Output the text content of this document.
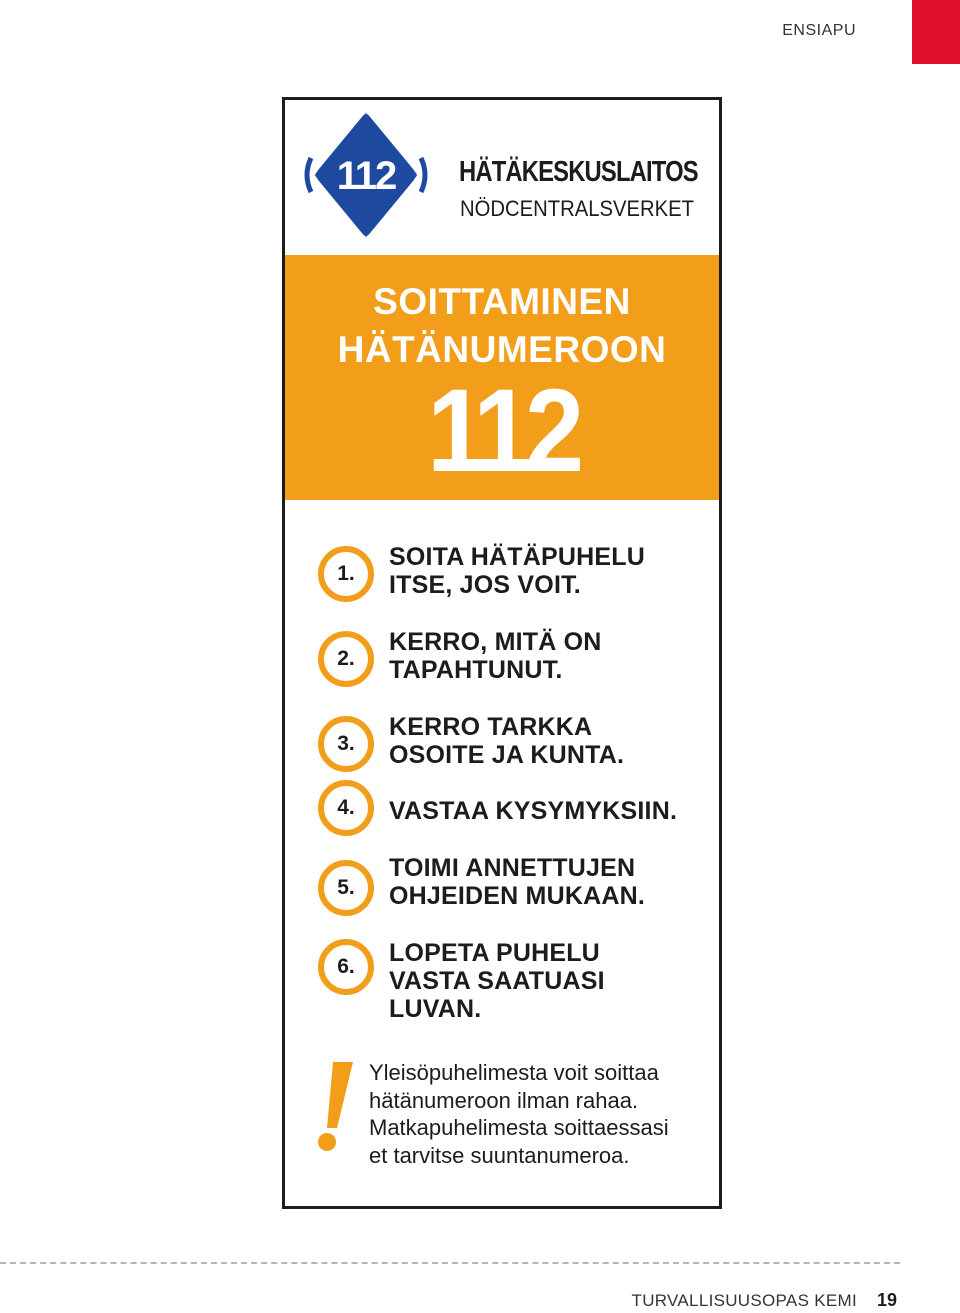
ENSIAPU
112 HÄTÄKESKUSLAITOS
NÖDCENTRALSVERKET
SOITTAMINEN
HÄTÄNUMEROON
112
1.
SOITA HÄTÄPUHELU
ITSE, JOS VOIT.
2.
KERRO, MITÄ ON
TAPAHTUNUT.
3.
KERRO TARKKA
OSOITE JA KUNTA.
4.	VASTAA KYSYMYKSIIN.
5.
TOIMI ANNETTUJEN
OHJEIDEN MUKAAN.
6.	LOPETA PUHELU
VASTA SAATUASI
LUVAN.
Yleisöpuhelimesta voit soittaa
hätänumeroon ilman rahaa.
Matkapuhelimesta soittaessasi
et tarvitse suuntanumeroa.
TURVALLISUUSOPAS KEMI 19
